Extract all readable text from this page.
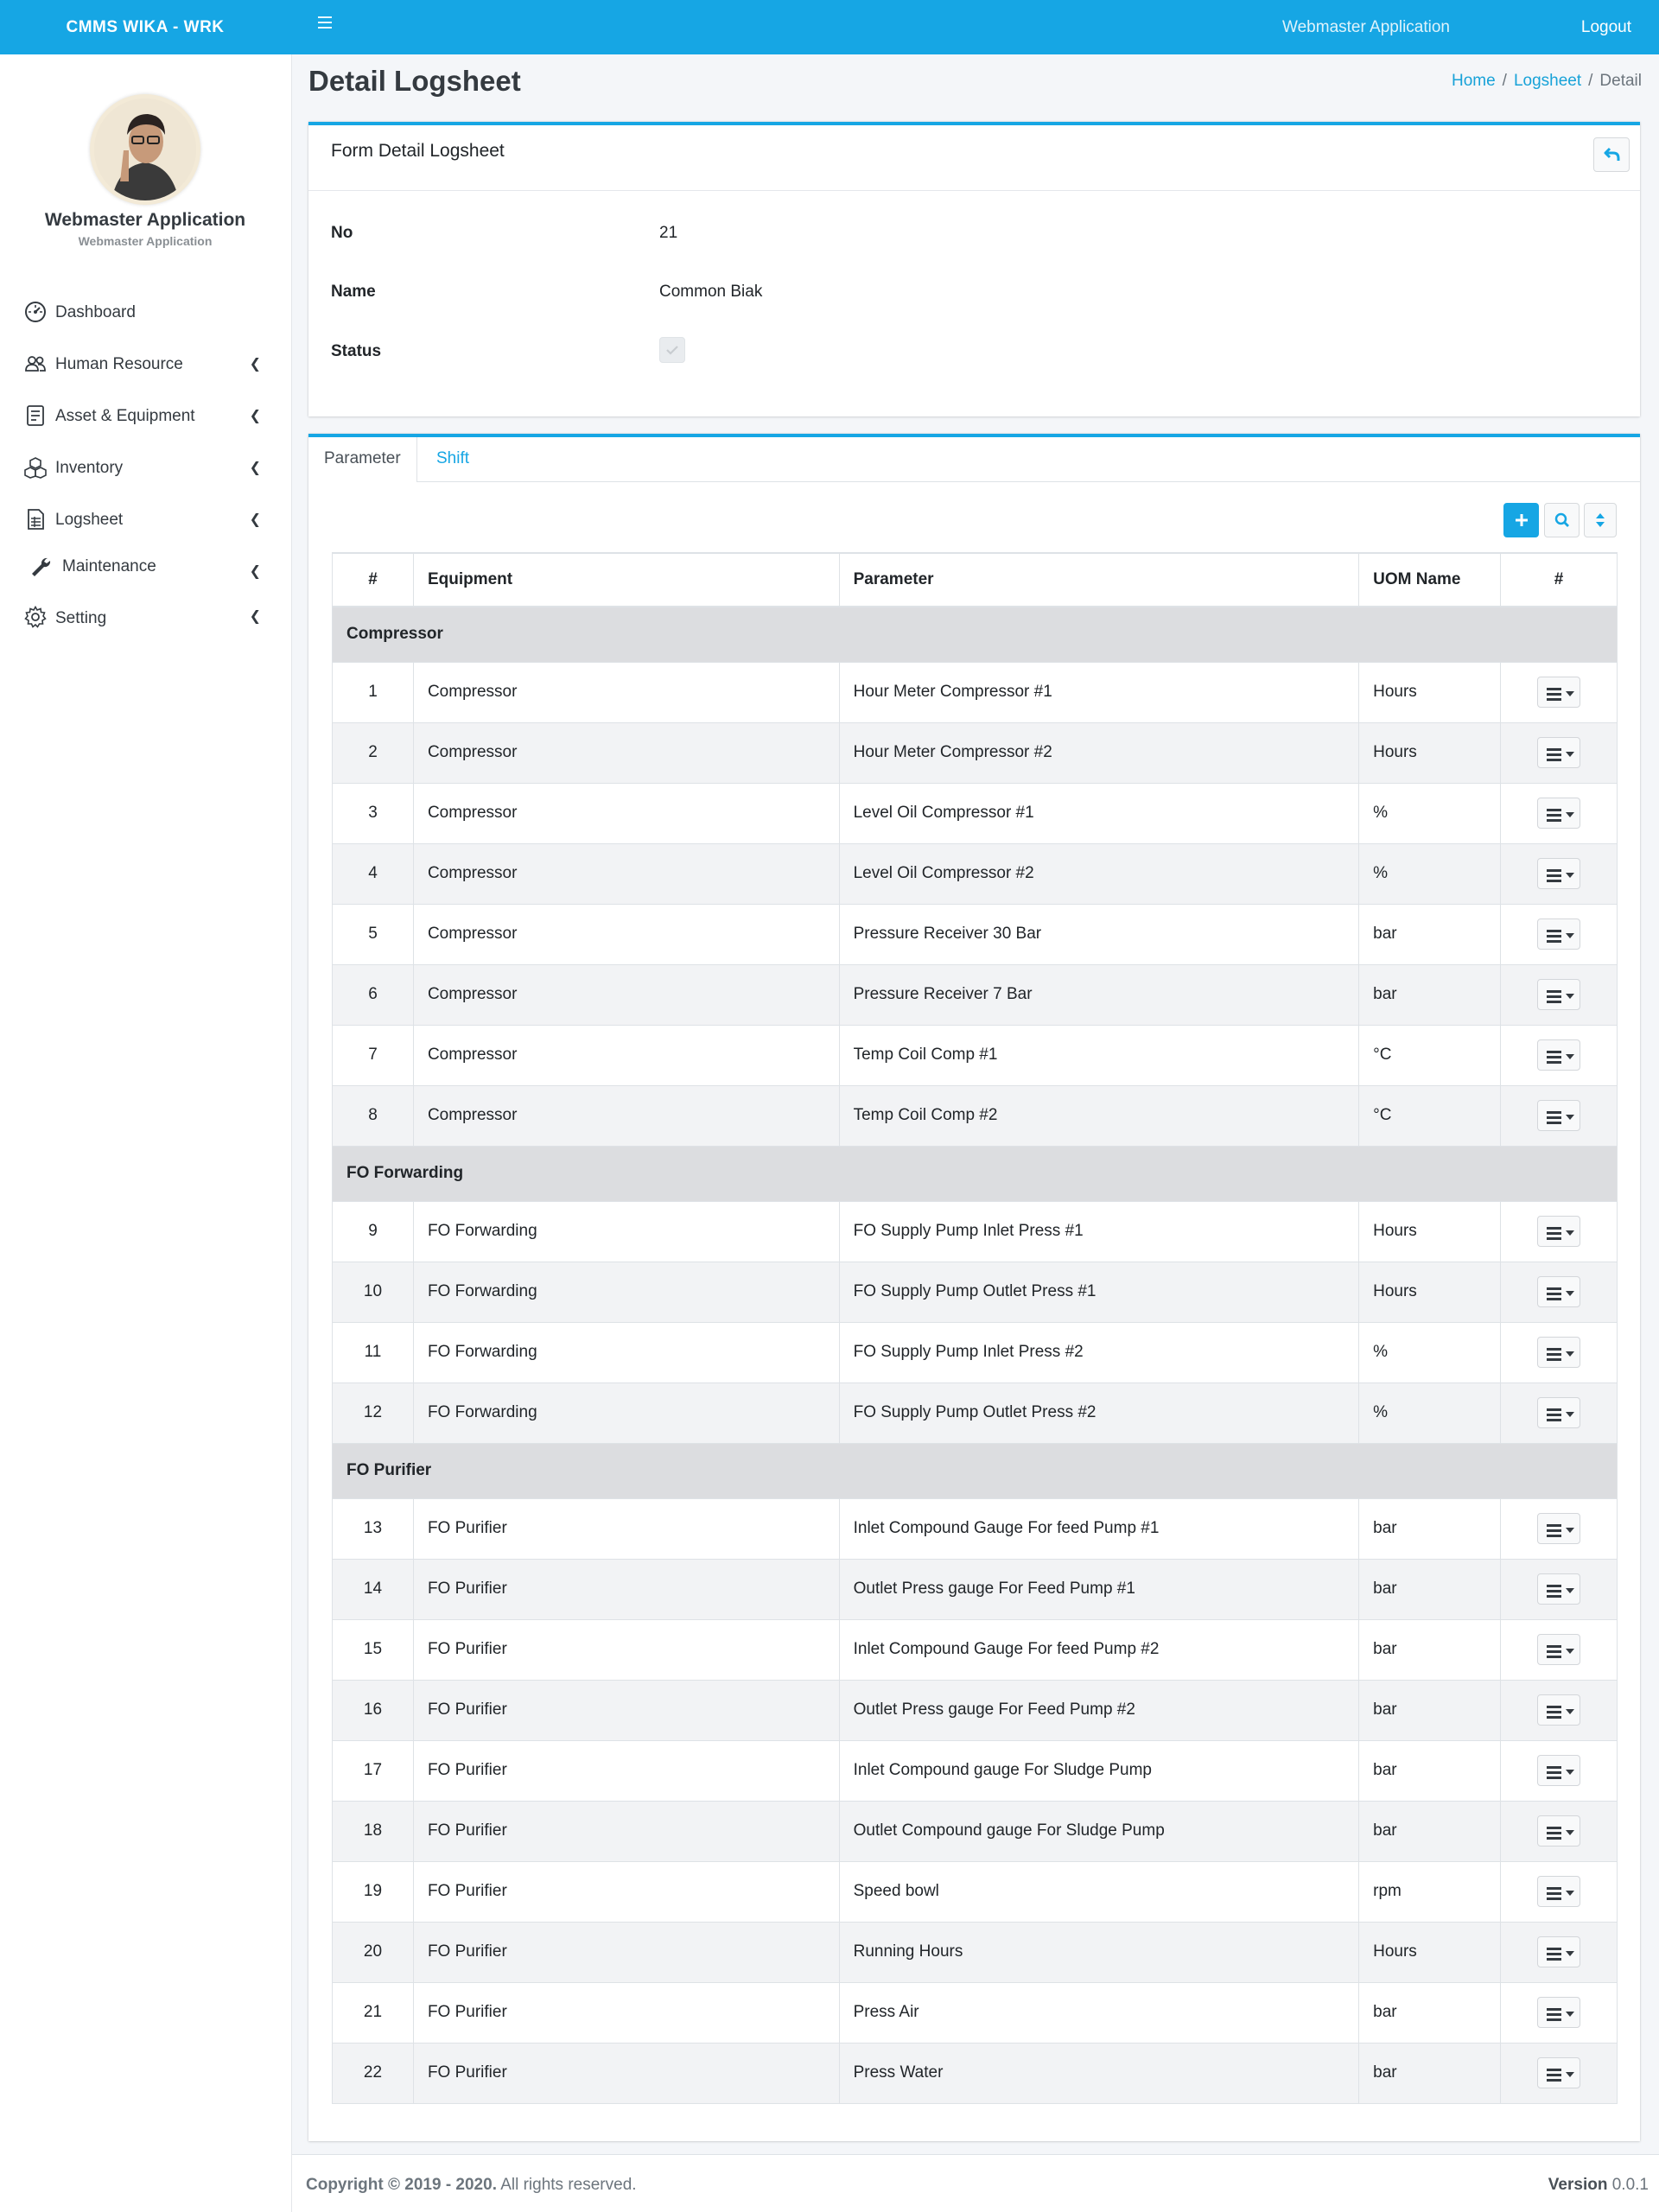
CMMS WIKA - WRK	Webmaster Application	Logout
Webmaster Application
Webmaster Application
Dashboard
Human Resource	❮
Asset & Equipment	❮
Inventory	❮
Logsheet	❮
Maintenance	❮
Setting	❮
Detail Logsheet	Home / Logsheet / Detail
Form Detail Logsheet
No	21
Name	Common Biak
Status
Parameter	Shift
#	Equipment	Parameter	UOM Name	#
Compressor				
1	Compressor	Hour Meter Compressor #1	Hours	

2	Compressor	Hour Meter Compressor #2	Hours	

3	Compressor	Level Oil Compressor #1	%	

4	Compressor	Level Oil Compressor #2	%	

5	Compressor	Pressure Receiver 30 Bar	bar	

6	Compressor	Pressure Receiver 7 Bar	bar	

7	Compressor	Temp Coil Comp #1	°C	

8	Compressor	Temp Coil Comp #2	°C	

FO Forwarding				
9	FO Forwarding	FO Supply Pump Inlet Press #1	Hours	

10	FO Forwarding	FO Supply Pump Outlet Press #1	Hours	

11	FO Forwarding	FO Supply Pump Inlet Press #2	%	

12	FO Forwarding	FO Supply Pump Outlet Press #2	%	

FO Purifier				
13	FO Purifier	Inlet Compound Gauge For feed Pump #1	bar	

14	FO Purifier	Outlet Press gauge For Feed Pump #1	bar	

15	FO Purifier	Inlet Compound Gauge For feed Pump #2	bar	

16	FO Purifier	Outlet Press gauge For Feed Pump #2	bar	

17	FO Purifier	Inlet Compound gauge For Sludge Pump	bar	

18	FO Purifier	Outlet Compound gauge For Sludge Pump	bar	

19	FO Purifier	Speed bowl	rpm	

20	FO Purifier	Running Hours	Hours	

21	FO Purifier	Press Air	bar	

22	FO Purifier	Press Water	bar	
Copyright © 2019 - 2020. All rights reserved.	Version 0.0.1
